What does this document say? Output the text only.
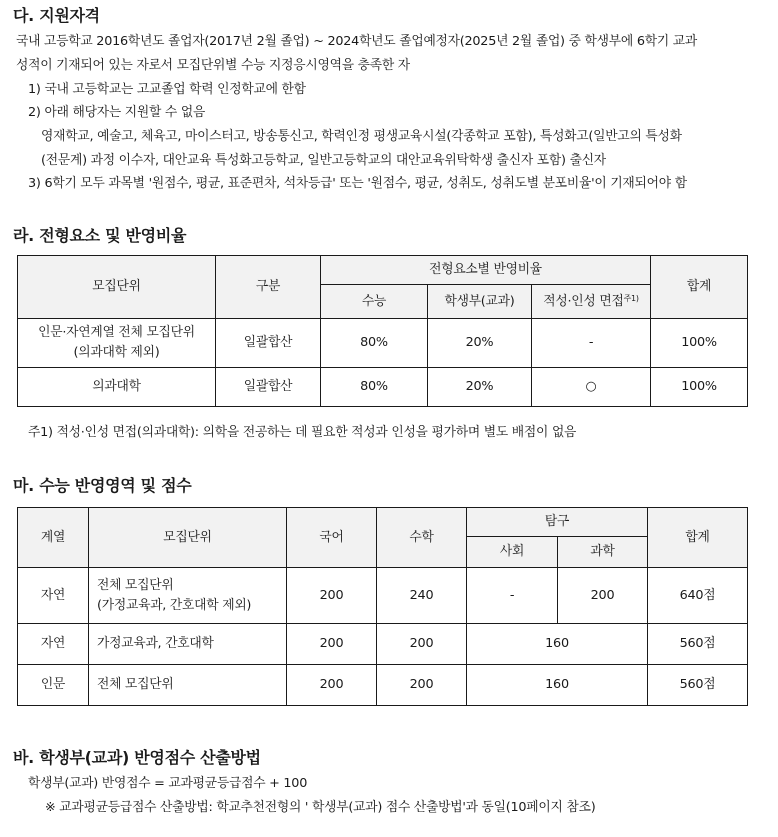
다. 지원자격
국내 고등학교 2016학년도 졸업자(2017년 2월 졸업) ~ 2024학년도 졸업예정자(2025년 2월 졸업) 중 학생부에 6학기 교과
성적이 기재되어 있는 자로서 모집단위별 수능 지정응시영역을 충족한 자
1) 국내 고등학교는 고교졸업 학력 인정학교에 한함
2) 아래 해당자는 지원할 수 없음
영재학교, 예술고, 체육고, 마이스터고, 방송통신고, 학력인정 평생교육시설(각종학교 포함), 특성화고(일반고의 특성화
(전문계) 과정 이수자, 대안교육 특성화고등학교, 일반고등학교의 대안교육위탁학생 출신자 포함) 출신자
3) 6학기 모두 과목별 '원점수, 평균, 표준편차, 석차등급' 또는 '원점수, 평균, 성취도, 성취도별 분포비율'이 기재되어야 함
라. 전형요소 및 반영비율
모집단위	구분	전형요소별 반영비율			합계
		수능	학생부(교과)	적성·인성 면접$^{주1)}$

인문·자연계열 전체 모집단위
(의과대학 제외)	일괄합산	80%	20%	-	100%
의과대학	일괄합산	80%	20%	○	100%
주1) 적성·인성 면접(의과대학): 의학을 전공하는 데 필요한 적성과 인성을 평가하며 별도 배점이 없음
마. 수능 반영영역 및 점수
계열	모집단위	국어	수학	탐구		합계
				사회	과학	
자연	전체 모집단위
(가정교육과, 간호대학 제외)	200	240	-	200	640점
자연	가정교육과, 간호대학	200	200	160		560점
인문	전체 모집단위	200	200	160		560점
바. 학생부(교과) 반영점수 산출방법
학생부(교과) 반영점수 = 교과평균등급점수 + 100
※ 교과평균등급점수 산출방법: 학교추천전형의 ' 학생부(교과) 점수 산출방법'과 동일(10페이지 참조)
